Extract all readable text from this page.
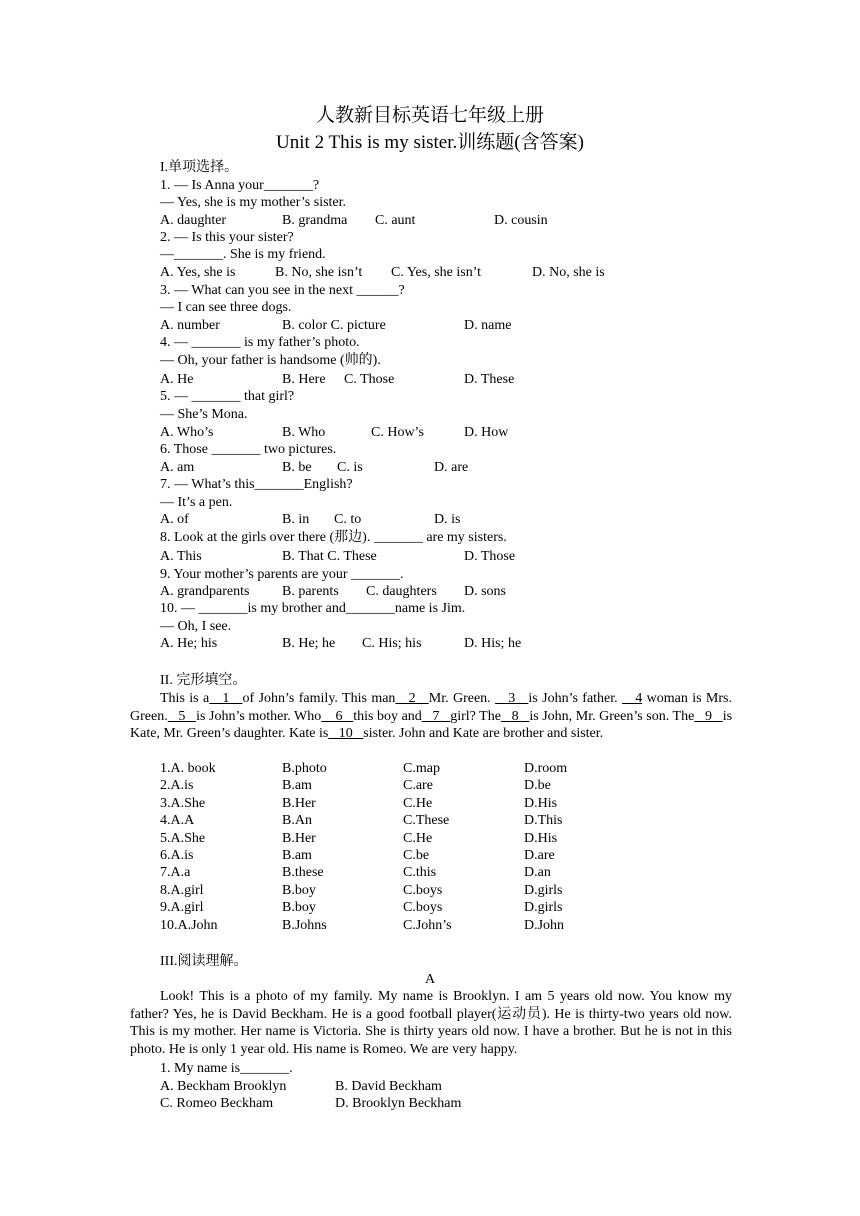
人教新目标英语七年级上册
Unit 2 This is my sister.训练题(含答案)
I.单项选择。
1. — Is Anna your_______?
— Yes, she is my mother’s sister.
A. daughter	B. grandma C. aunt	D. cousin
2. — Is this your sister?
—_______. She is my friend.
A. Yes, she is	B. No, she isn’t C. Yes, she isn’t	D. No, she is
3. — What can you see in the next ______?
— I can see three dogs.
A. number	B. color C. picture	D. name
4. — _______ is my father’s photo.
— Oh, your father is handsome (帅的).
A. He	B. Here C. Those	D. These
5. — _______ that girl?
— She’s Mona.
A. Who’s	B. Who	C. How’s	D. How
6. Those _______ two pictures.
A. am	B. be C. is	D. are
7. — What’s this_______English?
— It’s a pen.
A. of	B. in C. to	D. is
8. Look at the girls over there (那边). _______ are my sisters.
A. This	B. That C. These	D. Those
9. Your mother’s parents are your _______.
A. grandparents B. parents C. daughters D. sons
10. — _______is my brother and_______name is Jim.
— Oh, I see.
A. He; his	B. He; he C. His; his	D. His; he
II. 完形填空。
This is a   1   of John’s family. This man   2   Mr. Green.    3   is John’s father.    4 woman is Mrs. Green.   5   is John’s mother. Who    6   this boy and   7   girl? The   8   is John, Mr. Green’s son. The   9   is Kate, Mr. Green’s daughter. Kate is   10   sister. John and Kate are brother and sister.
1.A. book	B.photo	C.map	D.room
2.A.is	B.am	C.are	D.be
3.A.She	B.Her	C.He	D.His
4.A.A	B.An	C.These	D.This
5.A.She	B.Her	C.He	D.His
6.A.is	B.am	C.be	D.are
7.A.a	B.these	C.this	D.an
8.A.girl	B.boy	C.boys	D.girls
9.A.girl	B.boy	C.boys	D.girls
10.A.John	B.Johns	C.John’s	D.John
III.阅读理解。
A
Look! This is a photo of my family. My name is Brooklyn. I am 5 years old now. You know my father? Yes, he is David Beckham. He is a good football player(运动员). He is thirty-two years old now. This is my mother. Her name is Victoria. She is thirty years old now. I have a brother. But he is not in this photo. He is only 1 year old. His name is Romeo. We are very happy.
1. My name is_______.
A. Beckham Brooklyn	B. David Beckham
C. Romeo Beckham	D. Brooklyn Beckham
